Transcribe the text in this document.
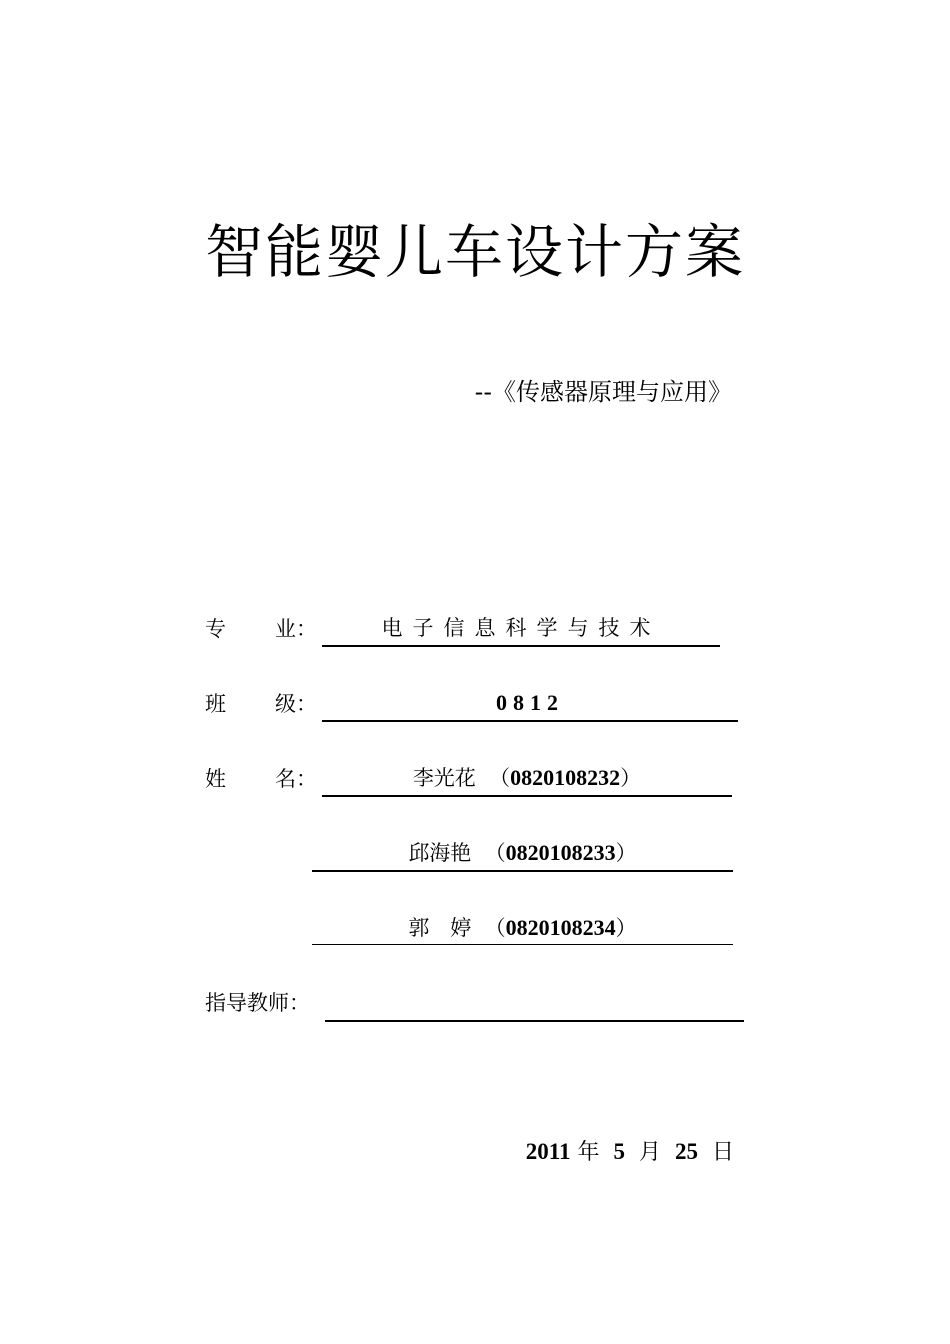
智能婴儿车设计方案
--《传感器原理与应用》
专 业：	电子信息科学与技术
班 级：	0812
姓 名：	李光花  （0820108232）
邱海艳  （0820108233）
郭　婷  （0820108234）
指导教师：
2011 年 5 月 25 日
